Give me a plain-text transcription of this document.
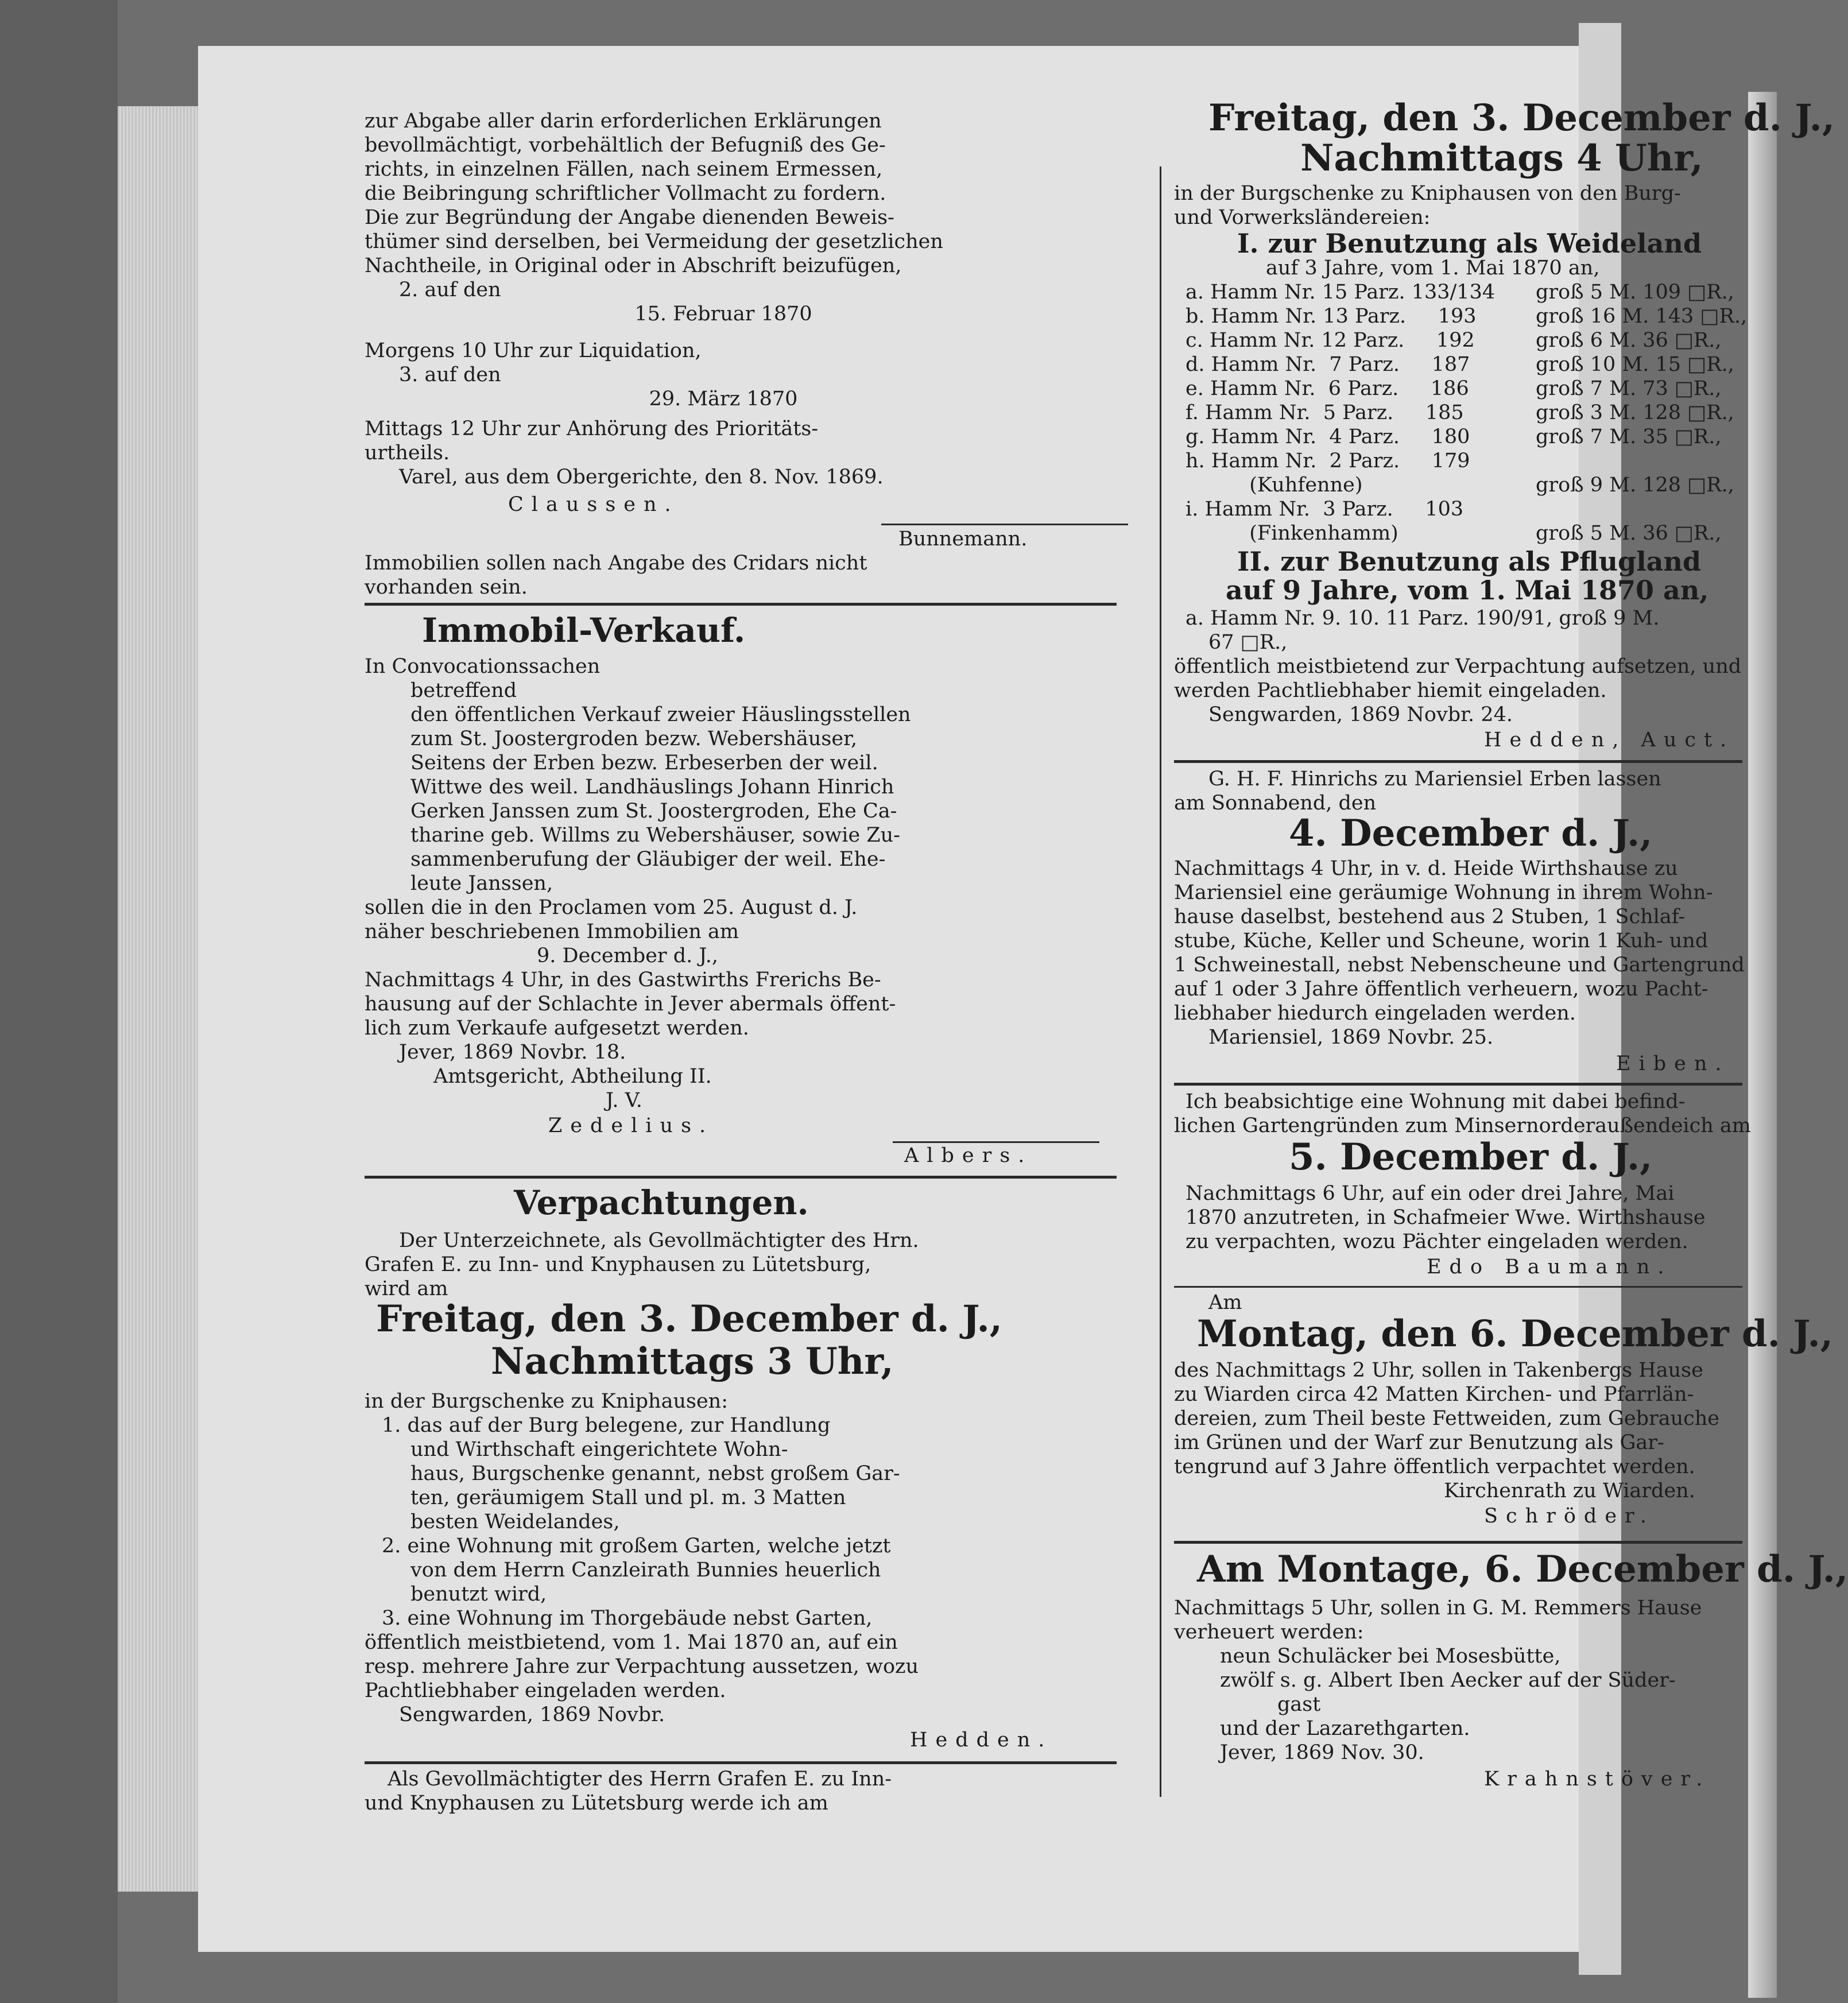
zur Abgabe aller darin erforderlichen Erklärungen
bevollmächtigt, vorbehältlich der Befugniß des Ge-
richts, in einzelnen Fällen, nach seinem Ermessen,
die Beibringung schriftlicher Vollmacht zu fordern.
Die zur Begründung der Angabe dienenden Beweis-
thümer sind derselben, bei Vermeidung der gesetzlichen
Nachtheile, in Original oder in Abschrift beizufügen,
2. auf den
15. Februar 1870
Morgens 10 Uhr zur Liquidation,
3. auf den
29. März 1870
Mittags 12 Uhr zur Anhörung des Prioritäts-
urtheils.
Varel, aus dem Obergerichte, den 8. Nov. 1869.
Claussen.
Bunnemann.
Immobilien sollen nach Angabe des Cridars nicht
vorhanden sein.
Immobil-Verkauf.
In Convocationssachen
betreffend
den öffentlichen Verkauf zweier Häuslingsstellen
zum St. Joostergroden bezw. Webershäuser,
Seitens der Erben bezw. Erbeserben der weil.
Wittwe des weil. Landhäuslings Johann Hinrich
Gerken Janssen zum St. Joostergroden, Ehe Ca-
tharine geb. Willms zu Webershäuser, sowie Zu-
sammenberufung der Gläubiger der weil. Ehe-
leute Janssen,
sollen die in den Proclamen vom 25. August d. J.
näher beschriebenen Immobilien am
9. December d. J.,
Nachmittags 4 Uhr, in des Gastwirths Frerichs Be-
hausung auf der Schlachte in Jever abermals öffent-
lich zum Verkaufe aufgesetzt werden.
Jever, 1869 Novbr. 18.
Amtsgericht, Abtheilung II.
J. V.
Zedelius.
Albers.
Verpachtungen.
Der Unterzeichnete, als Gevollmächtigter des Hrn.
Grafen E. zu Inn- und Knyphausen zu Lütetsburg,
wird am
Freitag, den 3. December d. J.,
Nachmittags 3 Uhr,
in der Burgschenke zu Kniphausen:
1. das auf der Burg belegene, zur Handlung
und Wirthschaft eingerichtete Wohn-
haus, Burgschenke genannt, nebst großem Gar-
ten, geräumigem Stall und pl. m. 3 Matten
besten Weidelandes,
2. eine Wohnung mit großem Garten, welche jetzt
von dem Herrn Canzleirath Bunnies heuerlich
benutzt wird,
3. eine Wohnung im Thorgebäude nebst Garten,
öffentlich meistbietend, vom 1. Mai 1870 an, auf ein
resp. mehrere Jahre zur Verpachtung aussetzen, wozu
Pachtliebhaber eingeladen werden.
Sengwarden, 1869 Novbr.
Hedden.
Als Gevollmächtigter des Herrn Grafen E. zu Inn-
und Knyphausen zu Lütetsburg werde ich am
Freitag, den 3. December d. J.,
Nachmittags 4 Uhr,
in der Burgschenke zu Kniphausen von den Burg-
und Vorwerksländereien:
I. zur Benutzung als Weideland
auf 3 Jahre, vom 1. Mai 1870 an,
a. Hamm Nr. 15 Parz. 133/134 groß 5 M. 109 □R.,
b. Hamm Nr. 13 Parz.     193	groß 16 M. 143 □R.,
c. Hamm Nr. 12 Parz.     192	groß 6 M. 36 □R.,
d. Hamm Nr.  7 Parz.     187	groß 10 M. 15 □R.,
e. Hamm Nr.  6 Parz.     186	groß 7 M. 73 □R.,
f. Hamm Nr.  5 Parz.     185	groß 3 M. 128 □R.,
g. Hamm Nr.  4 Parz.     180	groß 7 M. 35 □R.,
h. Hamm Nr.  2 Parz.     179
(Kuhfenne)	groß 9 M. 128 □R.,
i. Hamm Nr.  3 Parz.     103
(Finkenhamm)	groß 5 M. 36 □R.,
II. zur Benutzung als Pflugland
auf 9 Jahre, vom 1. Mai 1870 an,
a. Hamm Nr. 9. 10. 11 Parz. 190/91, groß 9 M.
67 □R.,
öffentlich meistbietend zur Verpachtung aufsetzen, und
werden Pachtliebhaber hiemit eingeladen.
Sengwarden, 1869 Novbr. 24.
Hedden, Auct.
G. H. F. Hinrichs zu Mariensiel Erben lassen
am Sonnabend, den
4. December d. J.,
Nachmittags 4 Uhr, in v. d. Heide Wirthshause zu
Mariensiel eine geräumige Wohnung in ihrem Wohn-
hause daselbst, bestehend aus 2 Stuben, 1 Schlaf-
stube, Küche, Keller und Scheune, worin 1 Kuh- und
1 Schweinestall, nebst Nebenscheune und Gartengrund
auf 1 oder 3 Jahre öffentlich verheuern, wozu Pacht-
liebhaber hiedurch eingeladen werden.
Mariensiel, 1869 Novbr. 25.
Eiben.
Ich beabsichtige eine Wohnung mit dabei befind-
lichen Gartengründen zum Minsernorderaußendeich am
5. December d. J.,
Nachmittags 6 Uhr, auf ein oder drei Jahre, Mai
1870 anzutreten, in Schafmeier Wwe. Wirthshause
zu verpachten, wozu Pächter eingeladen werden.
Edo Baumann.
Am
Montag, den 6. December d. J.,
des Nachmittags 2 Uhr, sollen in Takenbergs Hause
zu Wiarden circa 42 Matten Kirchen- und Pfarrlän-
dereien, zum Theil beste Fettweiden, zum Gebrauche
im Grünen und der Warf zur Benutzung als Gar-
tengrund auf 3 Jahre öffentlich verpachtet werden.
Kirchenrath zu Wiarden.
Schröder.
Am Montage, 6. December d. J.,
Nachmittags 5 Uhr, sollen in G. M. Remmers Hause
verheuert werden:
neun Schuläcker bei Mosesbütte,
zwölf s. g. Albert Iben Aecker auf der Süder-
gast
und der Lazarethgarten.
Jever, 1869 Nov. 30.
Krahnstöver.
